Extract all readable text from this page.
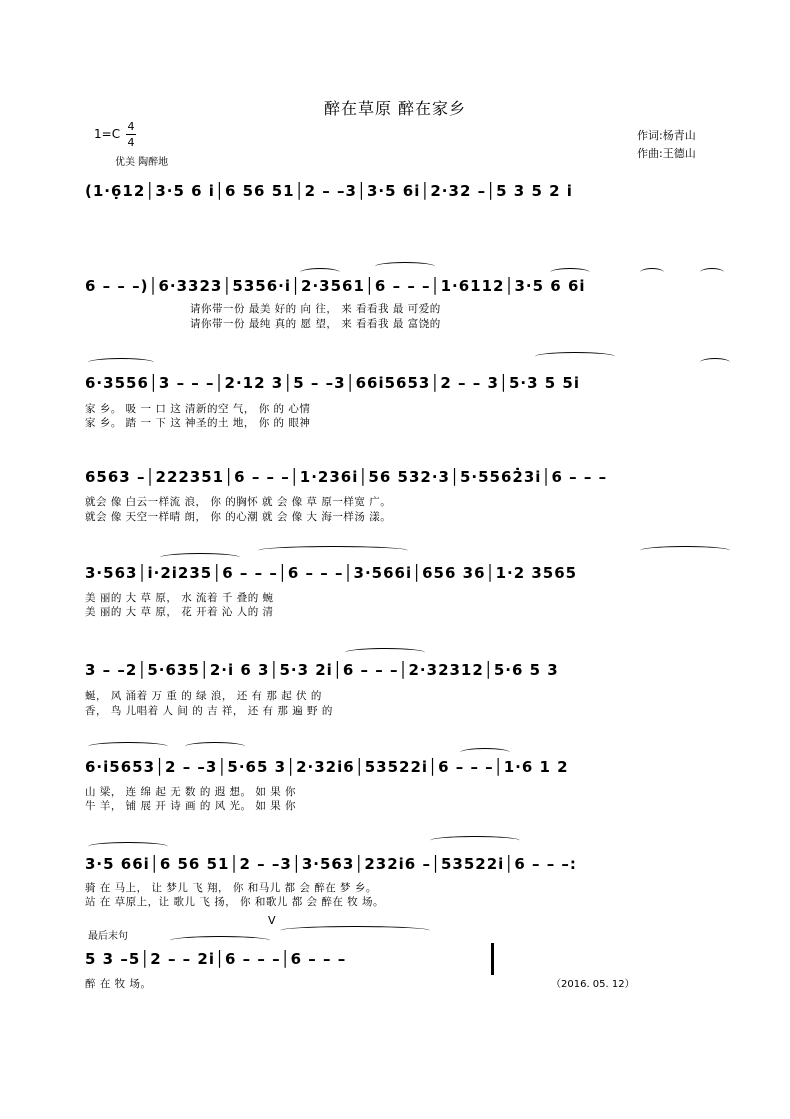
醉在草原 醉在家乡
1=C
4
4
优美 陶醉地
作词:杨青山
作曲:王德山
(1·6̣12│3·5 6 i│6 56 51│2 – –3│3·5 6i│2·32 –│5 3 5 2 i
6 – – –)│6·3323│5356·i│2·3561│6 – – –│1·6112│3·5 6 6i
请你带一份 最美 好的 向 往， 来 看看我 最 可爱的
请你带一份 最纯 真的 愿 望， 来 看看我 最 富饶的
6·3556│3 – – –│2·12 3│5 – –3│66i5653│2 – – 3│5·3 5 5i
家 乡。 吸 一 口 这 清新的空 气， 你 的 心情
家 乡。 踏 一 下 这 神圣的土 地， 你 的 眼神
6563 –│222351│6 – – –│1·236i│56 532·3│5·5562̇3i│6 – – –
就会 像 白云一样流 浪， 你 的胸怀 就 会 像 草 原一样宽 广。
就会 像 天空一样晴 朗， 你 的心潮 就 会 像 大 海一样汤 漾。
3·563│i·2i235│6 – – –│6 – – –│3·566i│656 36│1·2 3565
美 丽的 大 草 原， 水 流着 千 叠的 蜿
美 丽的 大 草 原， 花 开着 沁 人的 清
3 – –2│5·635│2·i 6 3│5·3 2i│6 – – –│2·32312│5·6 5 3
蜒， 风 涌着 万 重 的 绿 浪， 还 有 那 起 伏 的
香， 鸟 儿唱着 人 间 的 吉 祥， 还 有 那 遍 野 的
6·i5653│2 – –3│5·65 3│2·32i6│53522i│6 – – –│1·6 1 2
山 梁， 连 绵 起 无 数 的 遐 想。 如 果 你
牛 羊， 铺 展 开 诗 画 的 风 光。 如 果 你
3·5 66i│6 56 51│2 – –3│3·563│232i6 –│53522i│6 – – –:
骑 在 马上， 让 梦儿 飞 翔， 你 和马儿 都 会 醉在 梦 乡。
站 在 草原上，让 歌儿 飞 扬， 你 和歌儿 都 会 醉在 牧 场。
V
最后末句
5 3 –5│2 – – 2i│6 – – –│6 – – –
醉 在 牧 场。	（2016. 05. 12）
